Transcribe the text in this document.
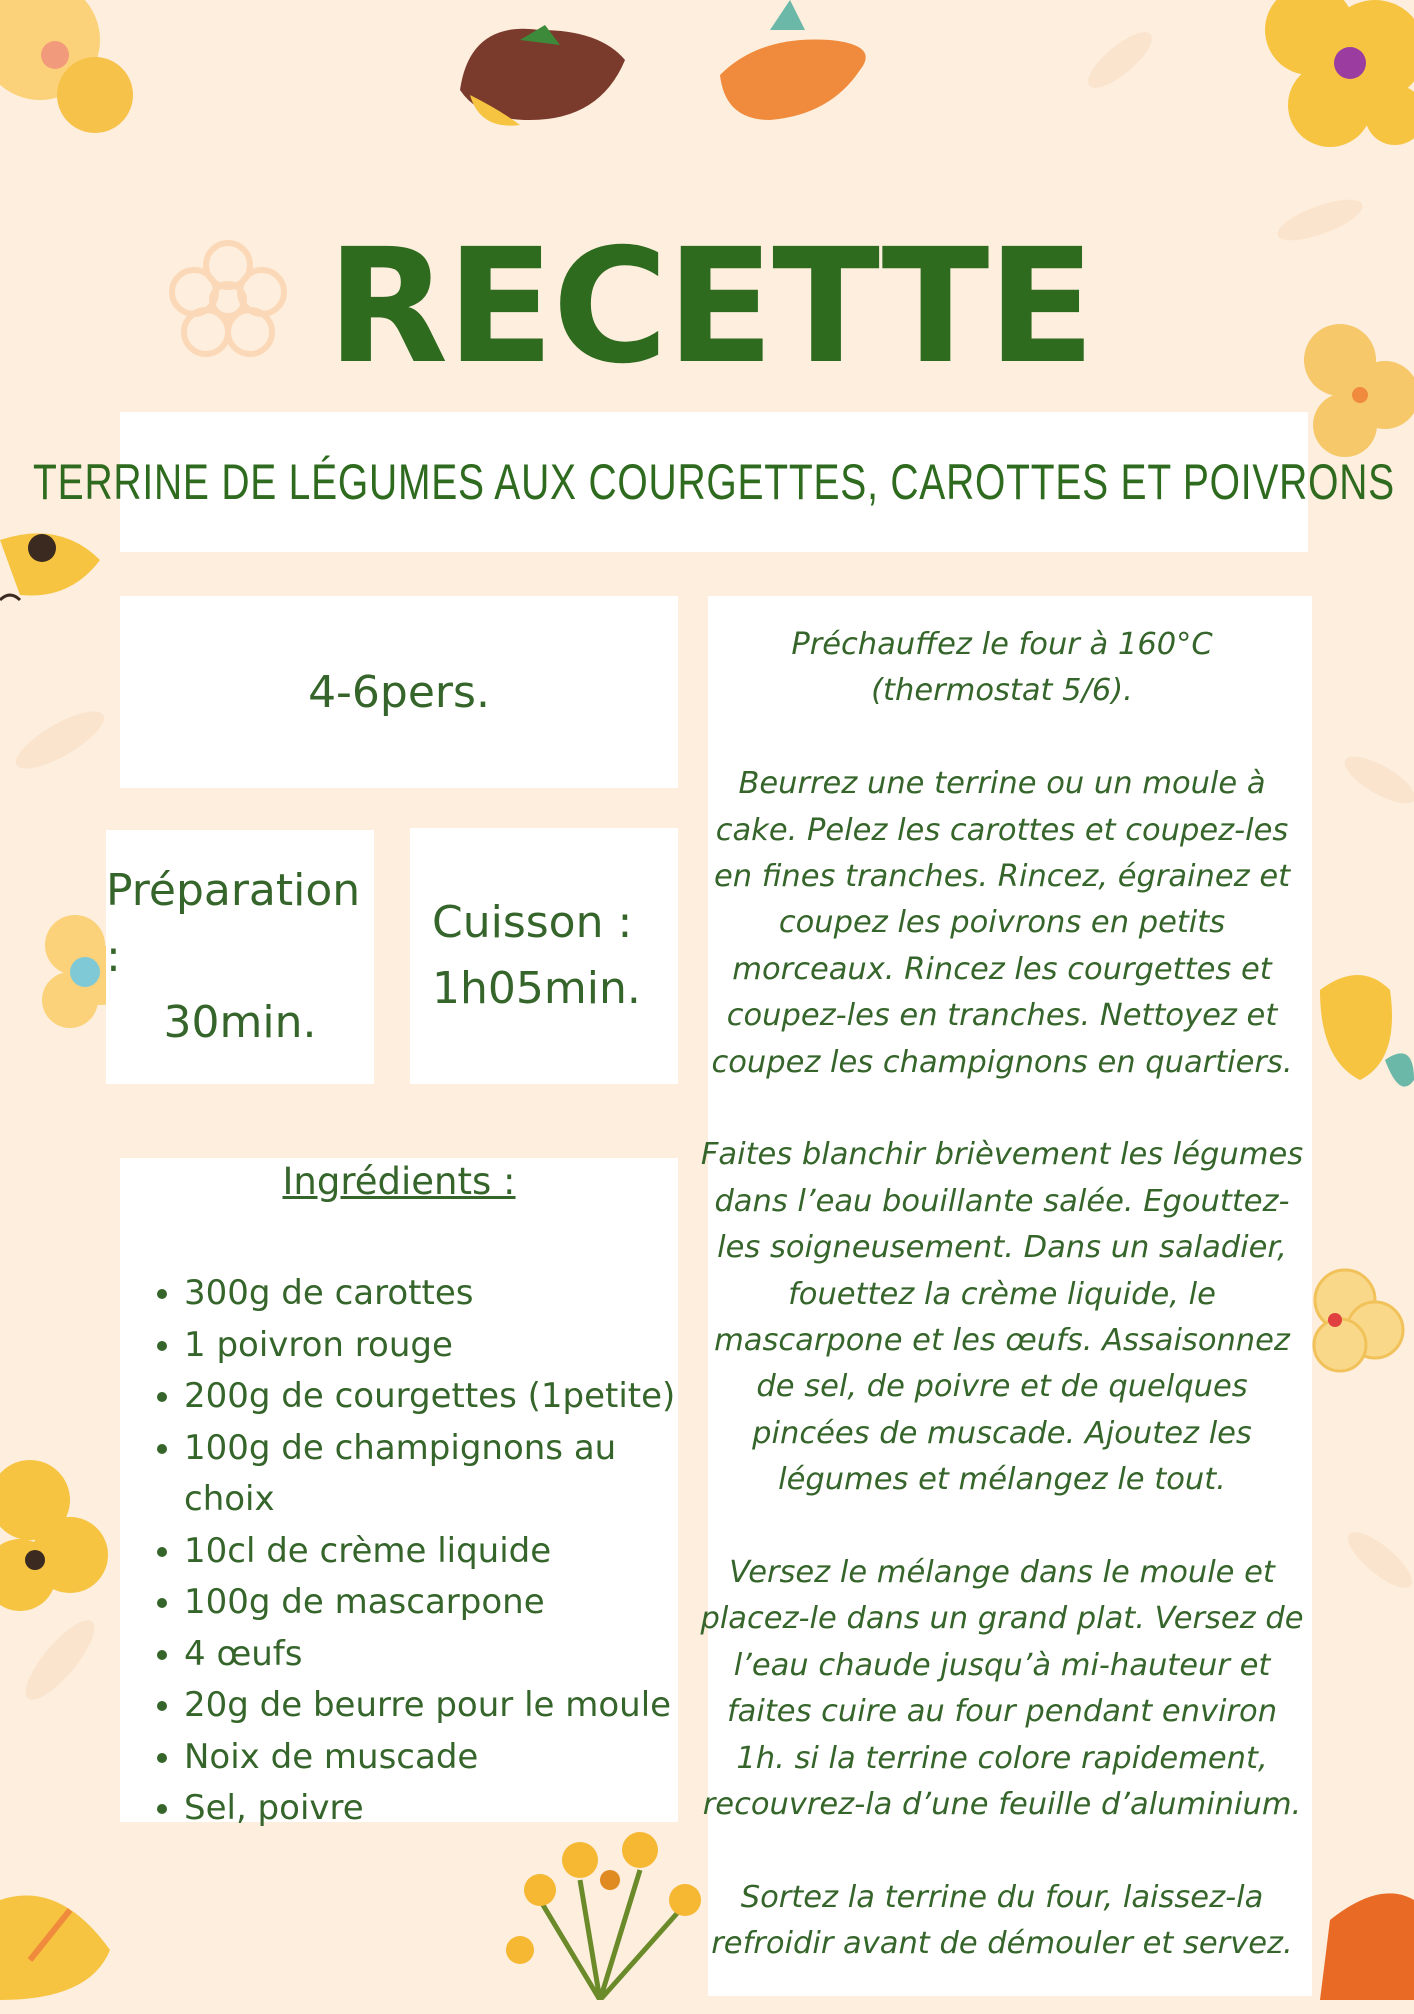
RECETTE
TERRINE DE LÉGUMES AUX COURGETTES, CAROTTES ET POIVRONS
4-6pers.
Préparation :
30min.
Cuisson :
1h05min.
Ingrédients :
• 300g de carottes
• 1 poivron rouge
• 200g de courgettes (1petite)
• 100g de champignons au choix
• 10cl de crème liquide
• 100g de mascarpone
• 4 œufs
• 20g de beurre pour le moule
• Noix de muscade
• Sel, poivre

Préchauffez le four à 160°C (thermostat 5/6).

Beurrez une terrine ou un moule à cake. Pelez les carottes et coupez-les en fines tranches. Rincez, égrainez et coupez les poivrons en petits morceaux. Rincez les courgettes et coupez-les en tranches. Nettoyez et coupez les champignons en quartiers.

Faites blanchir brièvement les légumes dans l’eau bouillante salée. Egouttez-les soigneusement. Dans un saladier, fouettez la crème liquide, le mascarpone et les œufs. Assaisonnez de sel, de poivre et de quelques pincées de muscade. Ajoutez les légumes et mélangez le tout.

Versez le mélange dans le moule et placez-le dans un grand plat. Versez de l’eau chaude jusqu’à mi-hauteur et faites cuire au four pendant environ 1h. si la terrine colore rapidement, recouvrez-la d’une feuille d’aluminium.

Sortez la terrine du four, laissez-la refroidir avant de démouler et servez.
